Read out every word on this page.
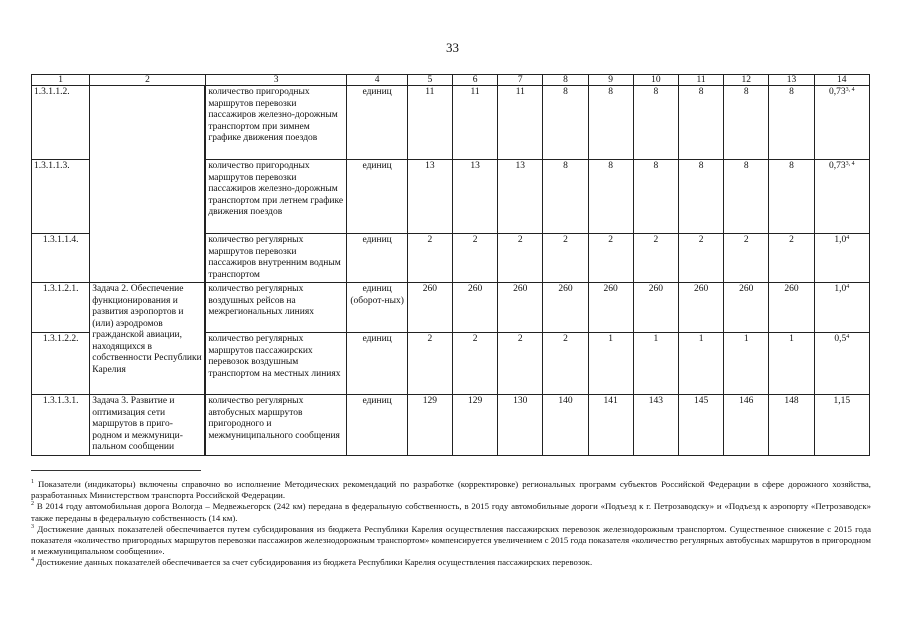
33
1	2	3	4	5	6	7	8	9	10	11	12	13	14
1.3.1.1.2.		количество пригородных маршрутов перевозки пассажиров железно-дорожным транспортом при зимнем графике движения поездов	единиц	11	11	11	8	8	8	8	8	8	0,73$^{3, 4}$
1.3.1.1.3.		количество пригородных маршрутов перевозки пассажиров железно-дорожным транспортом при летнем графике движения поездов	единиц	13	13	13	8	8	8	8	8	8	0,73$^{3, 4}$
1.3.1.1.4.		количество регулярных маршрутов перевозки пассажиров внутренним водным транспортом	единиц	2	2	2	2	2	2	2	2	2	$1,0^4$
1.3.1.2.1.	Задача 2. Обеспечение функционирования и развития аэропортов и (или) аэродромов гражданской авиации, находящихся в собственности Республики Карелия	количество регулярных воздушных рейсов на межрегиональных линиях	единиц (оборот-ных)	260	260	260	260	260	260	260	260	260	$1,0^4$
1.3.1.2.2.		количество регулярных маршрутов пассажирских перевозок воздушным транспортом на местных линиях	единиц	2	2	2	2	1	1	1	1	1	$0,5^4$
1.3.1.3.1.	Задача 3. Развитие и оптимизация сети маршрутов в приго-родном и межмуници-пальном сообщении	количество регулярных автобусных маршрутов пригородного и межмуниципального сообщения	единиц	129	129	130	140	141	143	145	146	148	1,15

$^1$ Показатели (индикаторы) включены справочно во исполнение Методических рекомендаций по разработке (корректировке) региональных программ субъектов Российской Федерации в сфере дорожного хозяйства, разработанных Министерством транспорта Российской Федерации.

$^2$ В 2014 году автомобильная дорога Вологда – Медвежьегорск (242 км) передана в федеральную собственность, в 2015 году автомобильные дороги «Подъезд к г. Петрозаводску» и «Подъезд к аэропорту «Петрозаводск» также переданы в федеральную собственность (14 км).

$^3$ Достижение данных показателей обеспечивается путем субсидирования из бюджета Республики Карелия осуществления пассажирских перевозок железнодорожным транспортом. Существенное снижение с 2015 года показателя «количество пригородных маршрутов перевозки пассажиров железнодорожным транспортом» компенсируется увеличением с 2015 года показателя «количество регулярных автобусных маршрутов в пригородном и межмуниципальном сообщении».

$^4$ Достижение данных показателей обеспечивается за счет субсидирования из бюджета Республики Карелия осуществления пассажирских перевозок.
